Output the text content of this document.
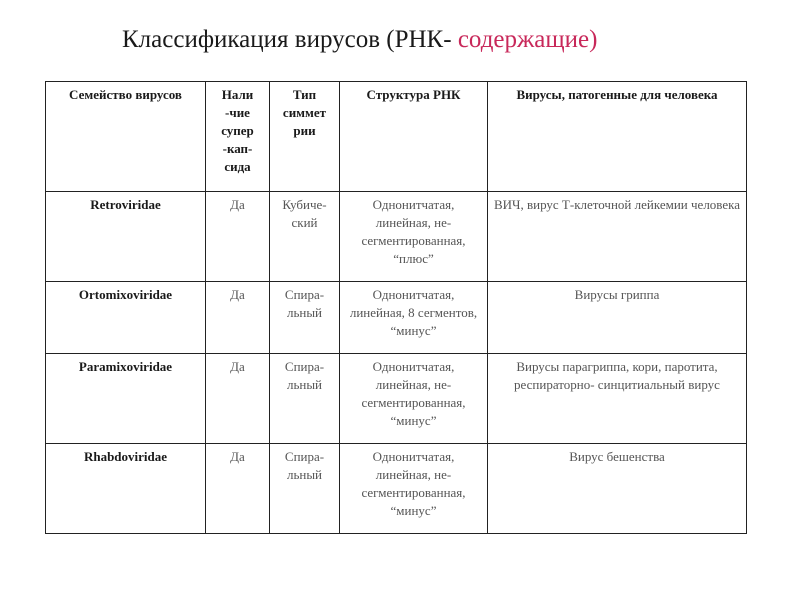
Классификация вирусов (РНК- содержащие)
Семейство вирусов	Нали -чие супер -кап- сида	Тип симмет рии	Структура РНК	Вирусы, патогенные для человека
Retroviridae	Да	Кубиче- ский	Однонитчатая, линейная, не- сегментированная, “плюс”	ВИЧ, вирус Т-клеточной лейкемии человека
Ortomixoviridae	Да	Спира- льный	Однонитчатая, линейная, 8 сегментов, “минус”	Вирусы гриппа
Paramixoviridae	Да	Спира- льный	Однонитчатая, линейная, не- сегментированная, “минус”	Вирусы парагриппа, кори, паротита, респираторно- синцитиальный вирус
Rhabdoviridae	Да	Спира- льный	Однонитчатая, линейная, не- сегментированная, “минус”	Вирус бешенства
